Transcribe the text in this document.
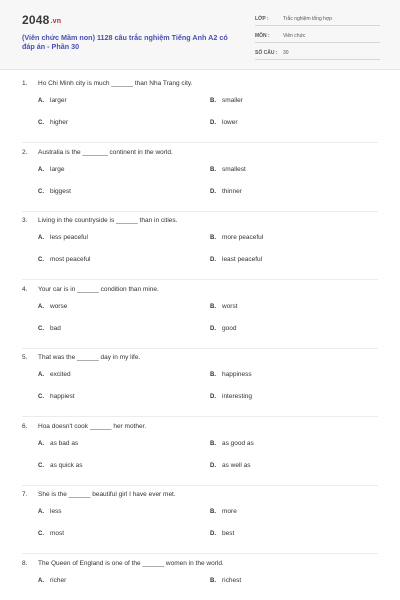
2048.vn
(Viên chức Mầm non) 1128 câu trắc nghiệm Tiếng Anh A2 có đáp án - Phần 30
LỚP :	Trắc nghiệm tổng hợp
MÔN :	Viên chức
SỐ CÂU : 30
1. Ho Chi Minh city is much ______ than Nha Trang city.
A. larger	B. smaller
C. higher	D. lower
2. Australia is the _______ continent in the world.
A. large	B. smallest
C. biggest	D. thinner
3. Living in the countryside is ______ than in cities.
A. less peaceful	B. more peaceful
C. most peaceful	D. least peaceful
4. Your car is in ______ condition than mine.
A. worse	B. worst
C. bad	D. good
5. That was the ______ day in my life.
A. excited	B. happiness
C. happiest	D. interesting
6. Hoa doesn't cook ______ her mother.
A. as bad as	B. as good as
C. as quick as	D. as well as
7. She is the ______ beautiful girl I have ever met.
A. less	B. more
C. most	D. best
8. The Queen of England is one of the ______ women in the world.
A. richer	B. richest
